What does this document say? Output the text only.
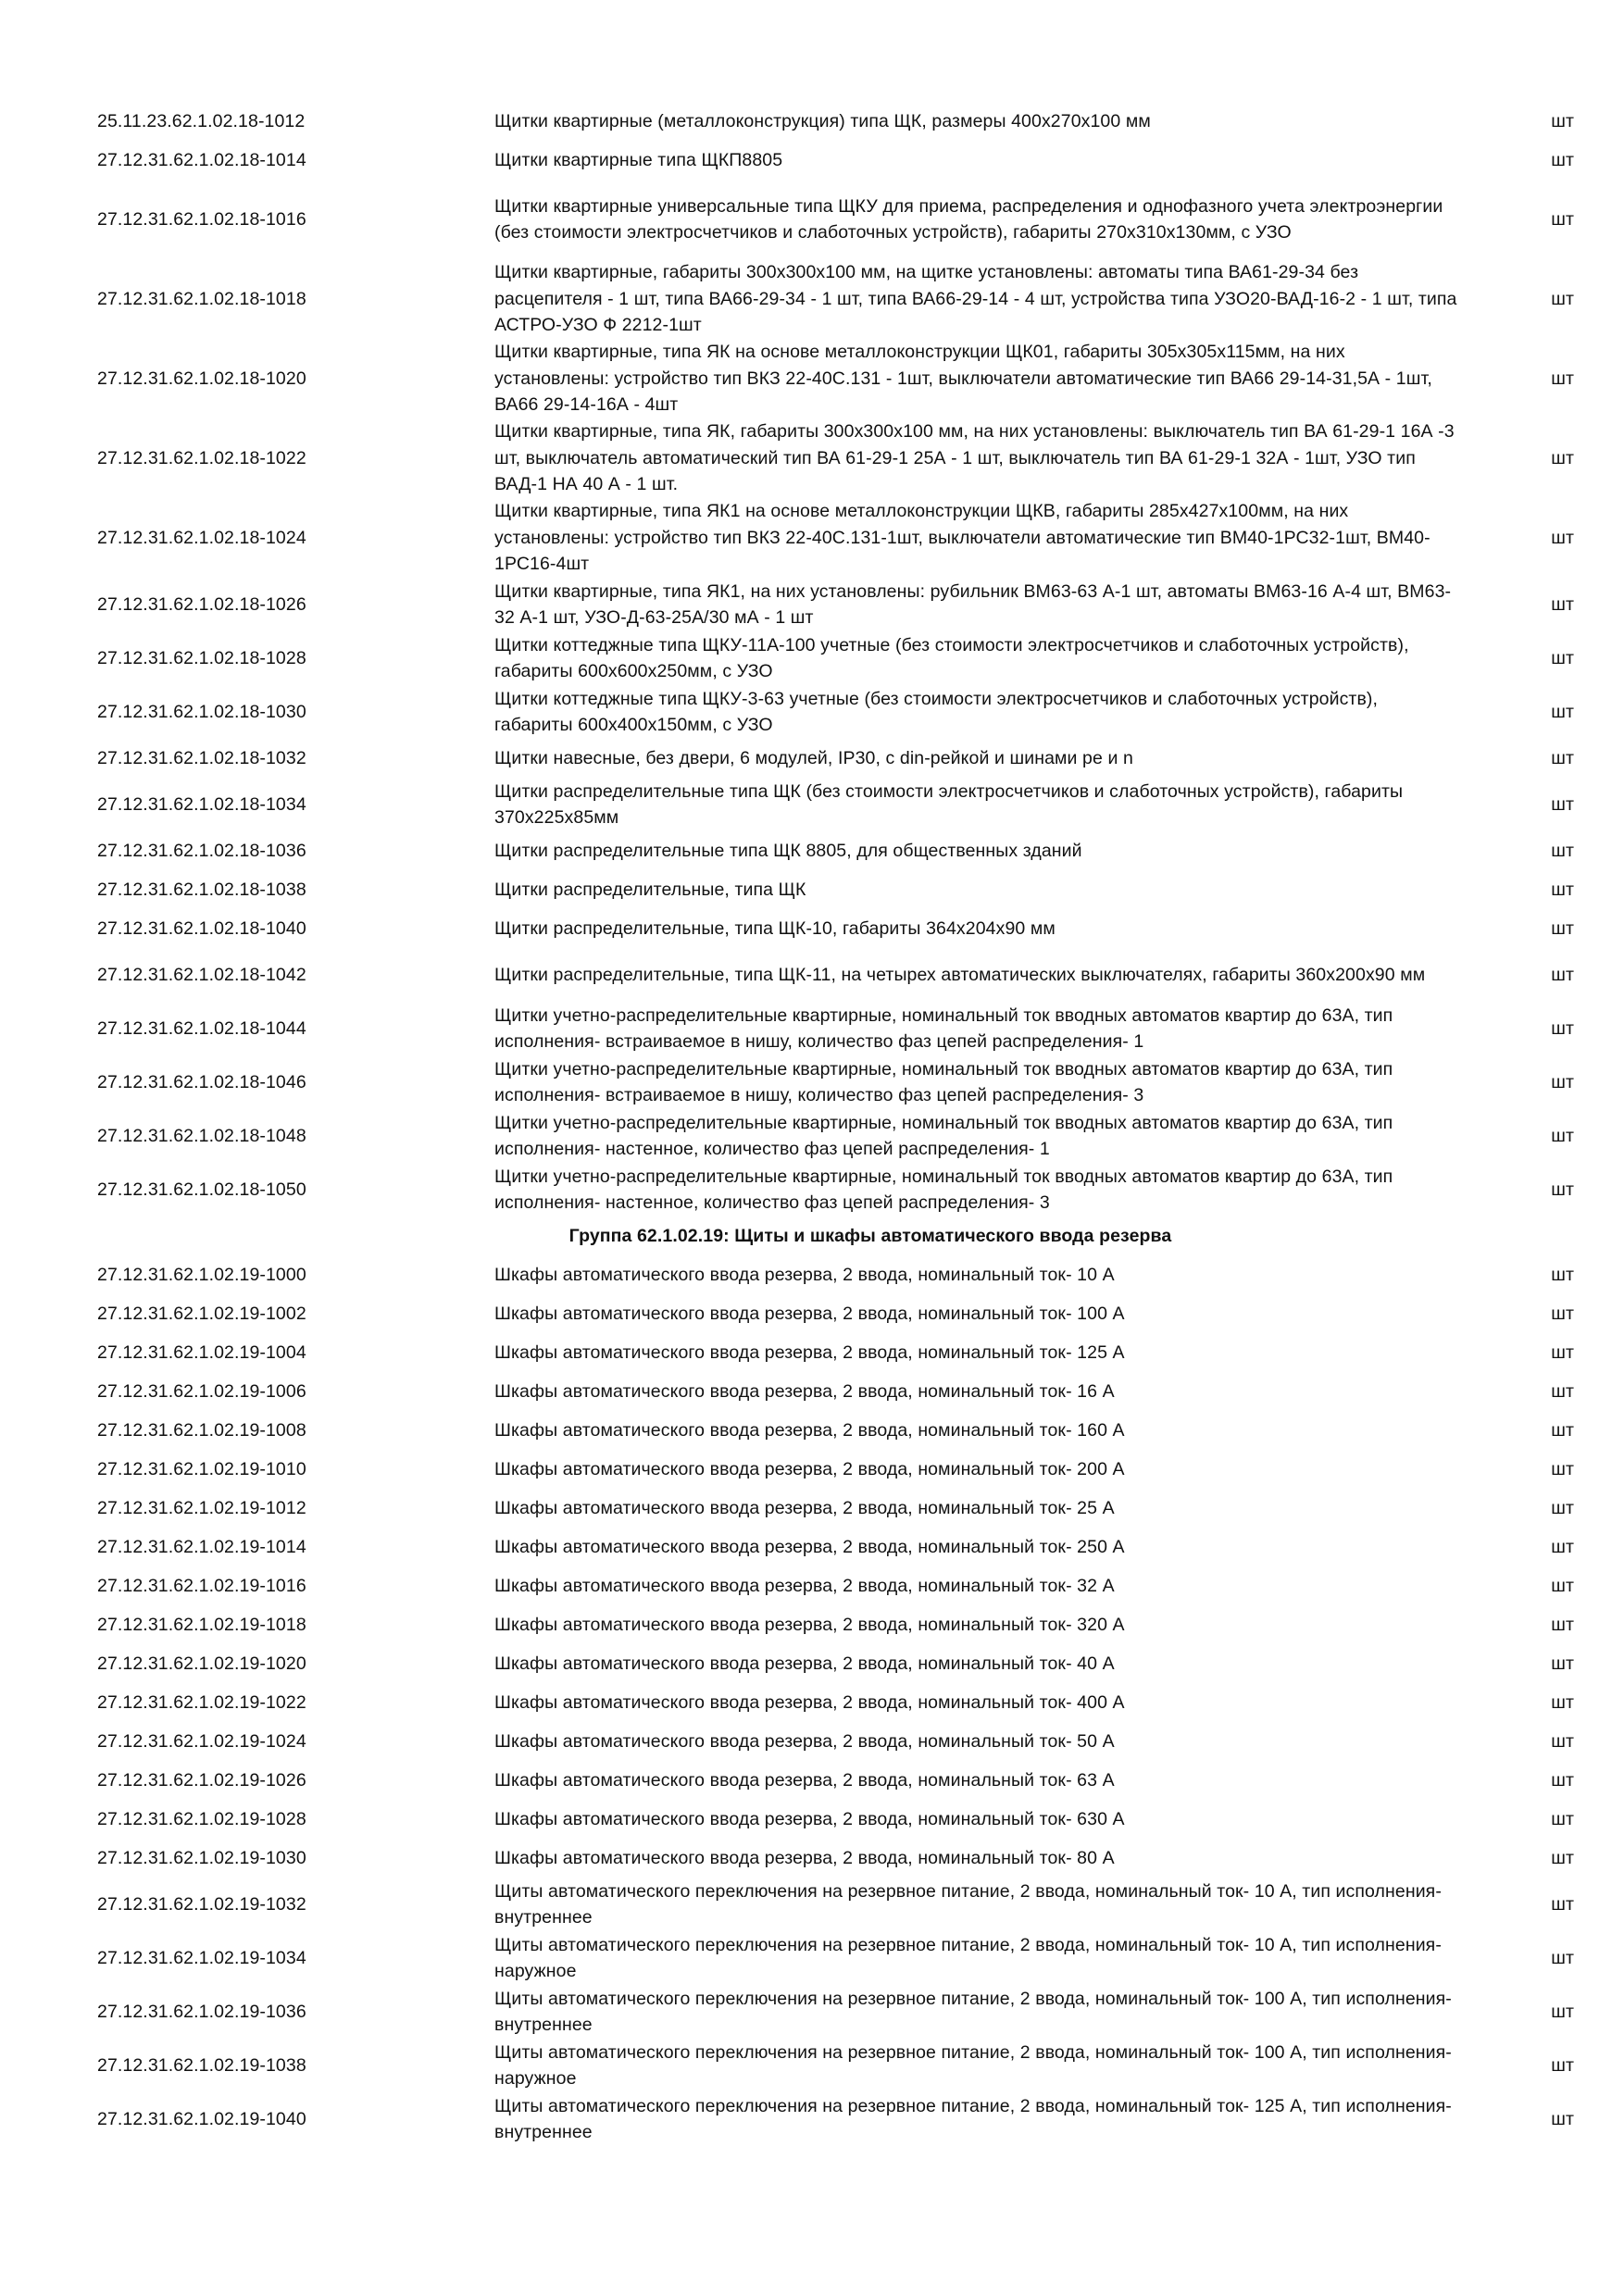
25.11.23.62.1.02.18-1012	Щитки квартирные (металлоконструкция) типа ЩК, размеры 400х270х100 мм	шт
27.12.31.62.1.02.18-1014	Щитки квартирные типа ЩКП8805	шт
27.12.31.62.1.02.18-1016	Щитки квартирные универсальные типа ЩКУ для приема, распределения и однофазного учета электроэнергии (без стоимости электросчетчиков и слаботочных устройств), габариты 270х310х130мм, с УЗО	шт
27.12.31.62.1.02.18-1018	Щитки квартирные, габариты 300х300х100 мм, на щитке установлены: автоматы типа ВА61-29-34 без расцепителя - 1 шт, типа ВА66-29-34 - 1 шт, типа ВА66-29-14 - 4 шт, устройства типа УЗО20-ВАД-16-2 - 1 шт, типа АСТРО-УЗО Ф 2212-1шт	шт
27.12.31.62.1.02.18-1020	Щитки квартирные, типа ЯК на основе металлоконструкции ЩК01, габариты 305х305х115мм, на них установлены: устройство тип ВКЗ 22-40С.131 - 1шт, выключатели автоматические тип ВА66 29-14-31,5А - 1шт, ВА66 29-14-16А - 4шт	шт
27.12.31.62.1.02.18-1022	Щитки квартирные, типа ЯК, габариты 300х300х100 мм, на них установлены: выключатель тип ВА 61-29-1 16А -3 шт, выключатель автоматический тип ВА 61-29-1 25А - 1 шт, выключатель тип ВА 61-29-1 32А - 1шт, УЗО тип ВАД-1 НА 40 А - 1 шт.	шт
27.12.31.62.1.02.18-1024	Щитки квартирные, типа ЯК1 на основе металлоконструкции ЩКВ, габариты 285х427х100мм, на них установлены: устройство тип ВКЗ 22-40С.131-1шт, выключатели автоматические тип ВМ40-1РС32-1шт, ВМ40-1РС16-4шт	шт
27.12.31.62.1.02.18-1026	Щитки квартирные, типа ЯК1, на них установлены: рубильник ВМ63-63 А-1 шт, автоматы ВМ63-16 А-4 шт, ВМ63-32 А-1 шт, УЗО-Д-63-25А/30 мА - 1 шт	шт
27.12.31.62.1.02.18-1028	Щитки коттеджные типа ЩКУ-11А-100 учетные (без стоимости электросчетчиков и слаботочных устройств), габариты 600х600х250мм, с УЗО	шт
27.12.31.62.1.02.18-1030	Щитки коттеджные типа ЩКУ-3-63 учетные (без стоимости электросчетчиков и слаботочных устройств), габариты 600х400х150мм, с УЗО	шт
27.12.31.62.1.02.18-1032	Щитки навесные, без двери, 6 модулей, IP30, с din-рейкой и шинами pe и n	шт
27.12.31.62.1.02.18-1034	Щитки распределительные типа ЩК (без стоимости электросчетчиков и слаботочных устройств), габариты 370х225х85мм	шт
27.12.31.62.1.02.18-1036	Щитки распределительные типа ЩК 8805, для общественных зданий	шт
27.12.31.62.1.02.18-1038	Щитки распределительные, типа ЩК	шт
27.12.31.62.1.02.18-1040	Щитки распределительные, типа ЩК-10, габариты 364х204х90 мм	шт
27.12.31.62.1.02.18-1042	Щитки распределительные, типа ЩК-11, на четырех автоматических выключателях, габариты 360х200х90 мм	шт
27.12.31.62.1.02.18-1044	Щитки учетно-распределительные квартирные, номинальный ток вводных автоматов квартир до 63А, тип исполнения- встраиваемое в нишу, количество фаз цепей распределения- 1	шт
27.12.31.62.1.02.18-1046	Щитки учетно-распределительные квартирные, номинальный ток вводных автоматов квартир до 63А, тип исполнения- встраиваемое в нишу, количество фаз цепей распределения- 3	шт
27.12.31.62.1.02.18-1048	Щитки учетно-распределительные квартирные, номинальный ток вводных автоматов квартир до 63А, тип исполнения- настенное, количество фаз цепей распределения- 1	шт
27.12.31.62.1.02.18-1050	Щитки учетно-распределительные квартирные, номинальный ток вводных автоматов квартир до 63А, тип исполнения- настенное, количество фаз цепей распределения- 3	шт
Группа 62.1.02.19: Щиты и шкафы автоматического ввода резерва		
27.12.31.62.1.02.19-1000	Шкафы автоматического ввода резерва, 2 ввода, номинальный ток- 10 А	шт
27.12.31.62.1.02.19-1002	Шкафы автоматического ввода резерва, 2 ввода, номинальный ток- 100 А	шт
27.12.31.62.1.02.19-1004	Шкафы автоматического ввода резерва, 2 ввода, номинальный ток- 125 А	шт
27.12.31.62.1.02.19-1006	Шкафы автоматического ввода резерва, 2 ввода, номинальный ток- 16 А	шт
27.12.31.62.1.02.19-1008	Шкафы автоматического ввода резерва, 2 ввода, номинальный ток- 160 А	шт
27.12.31.62.1.02.19-1010	Шкафы автоматического ввода резерва, 2 ввода, номинальный ток- 200 А	шт
27.12.31.62.1.02.19-1012	Шкафы автоматического ввода резерва, 2 ввода, номинальный ток- 25 А	шт
27.12.31.62.1.02.19-1014	Шкафы автоматического ввода резерва, 2 ввода, номинальный ток- 250 А	шт
27.12.31.62.1.02.19-1016	Шкафы автоматического ввода резерва, 2 ввода, номинальный ток- 32 А	шт
27.12.31.62.1.02.19-1018	Шкафы автоматического ввода резерва, 2 ввода, номинальный ток- 320 А	шт
27.12.31.62.1.02.19-1020	Шкафы автоматического ввода резерва, 2 ввода, номинальный ток- 40 А	шт
27.12.31.62.1.02.19-1022	Шкафы автоматического ввода резерва, 2 ввода, номинальный ток- 400 А	шт
27.12.31.62.1.02.19-1024	Шкафы автоматического ввода резерва, 2 ввода, номинальный ток- 50 А	шт
27.12.31.62.1.02.19-1026	Шкафы автоматического ввода резерва, 2 ввода, номинальный ток- 63 А	шт
27.12.31.62.1.02.19-1028	Шкафы автоматического ввода резерва, 2 ввода, номинальный ток- 630 А	шт
27.12.31.62.1.02.19-1030	Шкафы автоматического ввода резерва, 2 ввода, номинальный ток- 80 А	шт
27.12.31.62.1.02.19-1032	Щиты автоматического переключения на резервное питание, 2 ввода, номинальный ток- 10 А, тип исполнения- внутреннее	шт
27.12.31.62.1.02.19-1034	Щиты автоматического переключения на резервное питание, 2 ввода, номинальный ток- 10 А, тип исполнения- наружное	шт
27.12.31.62.1.02.19-1036	Щиты автоматического переключения на резервное питание, 2 ввода, номинальный ток- 100 А, тип исполнения- внутреннее	шт
27.12.31.62.1.02.19-1038	Щиты автоматического переключения на резервное питание, 2 ввода, номинальный ток- 100 А, тип исполнения- наружное	шт
27.12.31.62.1.02.19-1040	Щиты автоматического переключения на резервное питание, 2 ввода, номинальный ток- 125 А, тип исполнения- внутреннее	шт
